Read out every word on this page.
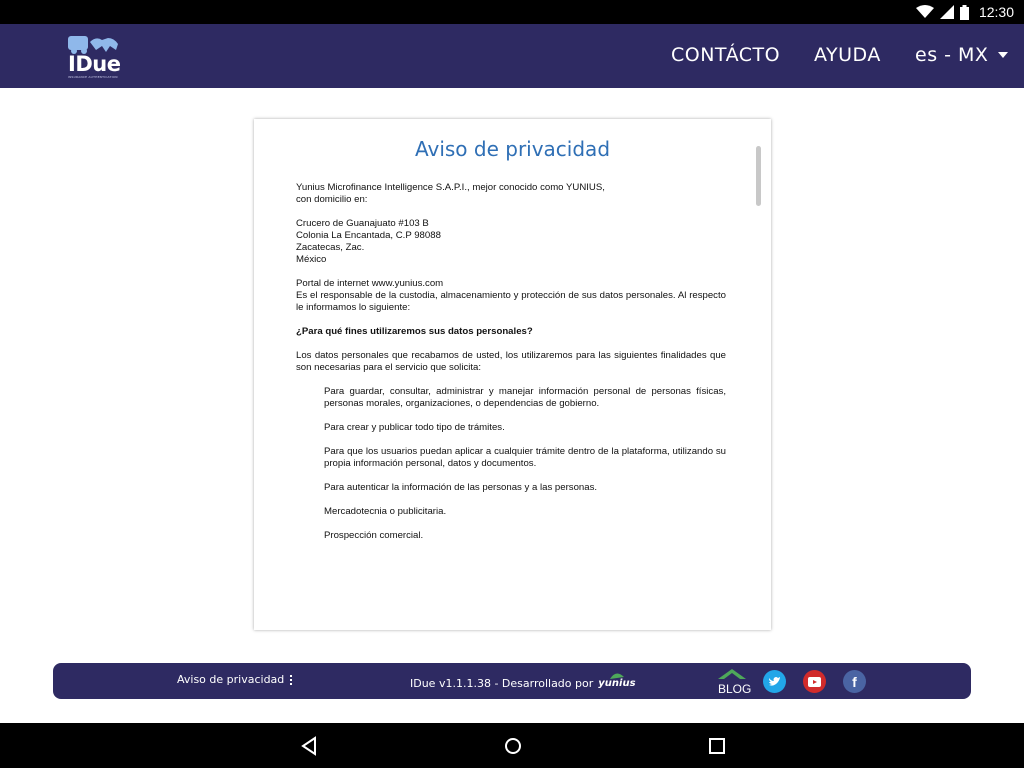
12:30
IDue
INSURANCE AUTHENTICATION
CONTÁCTO AYUDA es - MX
Aviso de privacidad

Yunius Microfinance Intelligence S.A.P.I., mejor conocido como YUNIUS,
con domicilio en:

Crucero de Guanajuato #103 B
Colonia La Encantada, C.P 98088
Zacatecas, Zac.
México

Portal de internet www.yunius.com
Es el responsable de la custodia, almacenamiento y protección de sus datos personales. Al respecto le informamos lo siguiente:

¿Para qué fines utilizaremos sus datos personales?

Los datos personales que recabamos de usted, los utilizaremos para las siguientes finalidades que son necesarias para el servicio que solicita:

Para guardar, consultar, administrar y manejar información personal de personas físicas, personas morales, organizaciones, o dependencias de gobierno.

Para crear y publicar todo tipo de trámites.

Para que los usuarios puedan aplicar a cualquier trámite dentro de la plataforma, utilizando su propia información personal, datos y documentos.

Para autenticar la información de las personas y a las personas.

Mercadotecnia o publicitaria.

Prospección comercial.

Aviso de privacidad	IDue v1.1.1.38 - Desarrollado por yunius	BLOG	f
